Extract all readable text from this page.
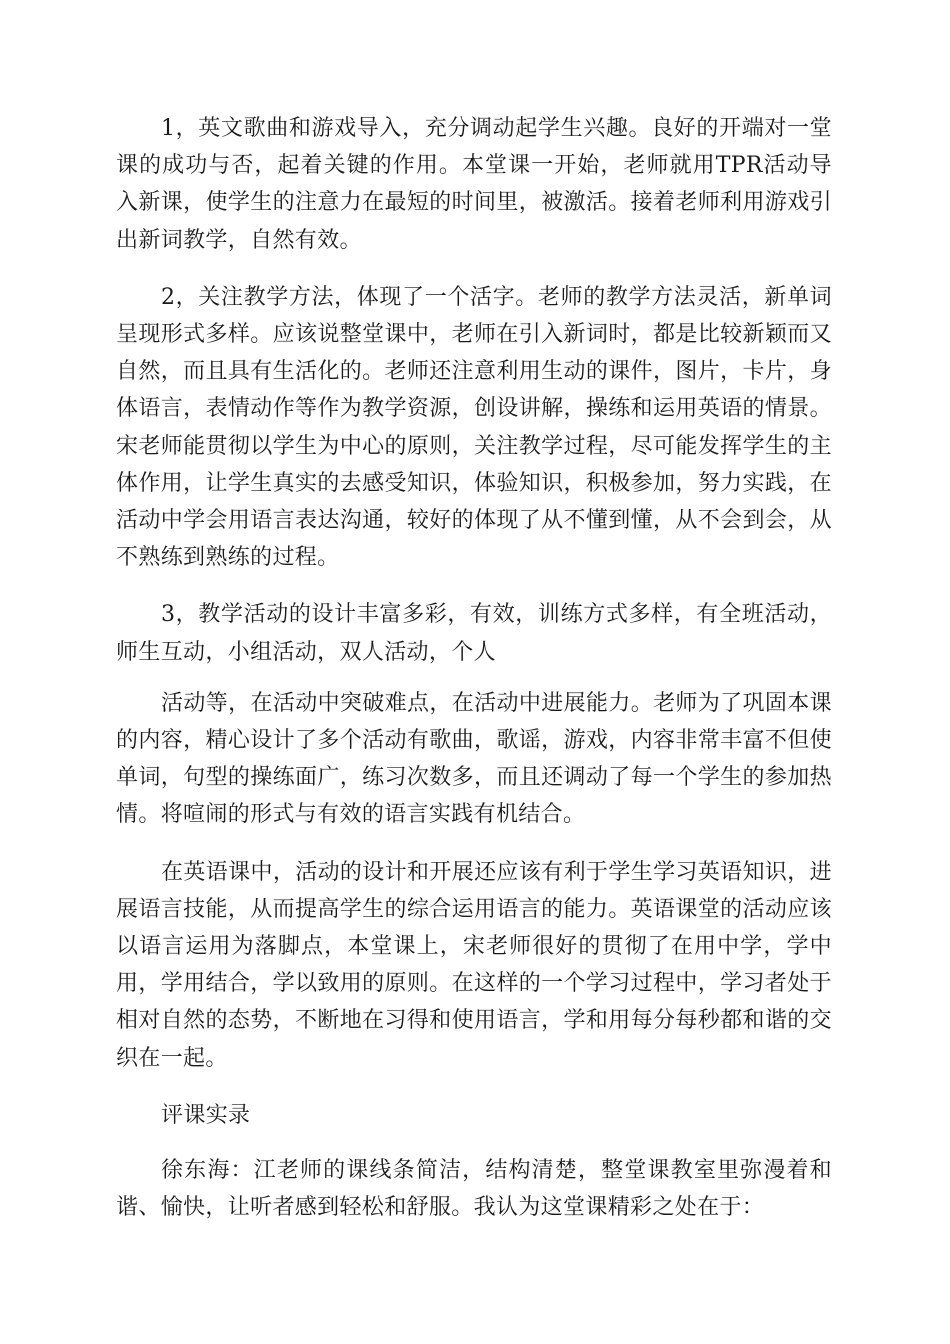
1，英文歌曲和游戏导入，充分调动起学生兴趣。良好的开端对一堂课的成功与否，起着关键的作用。本堂课一开始，老师就用TPR活动导入新课，使学生的注意力在最短的时间里，被激活。接着老师利用游戏引出新词教学，自然有效。

2，关注教学方法，体现了一个活字。老师的教学方法灵活，新单词呈现形式多样。应该说整堂课中，老师在引入新词时，都是比较新颖而又自然，而且具有生活化的。老师还注意利用生动的课件，图片，卡片，身体语言，表情动作等作为教学资源，创设讲解，操练和运用英语的情景。宋老师能贯彻以学生为中心的原则，关注教学过程，尽可能发挥学生的主体作用，让学生真实的去感受知识，体验知识，积极参加，努力实践，在活动中学会用语言表达沟通，较好的体现了从不懂到懂，从不会到会，从不熟练到熟练的过程。

3，教学活动的设计丰富多彩，有效，训练方式多样，有全班活动，师生互动，小组活动，双人活动，个人

活动等，在活动中突破难点，在活动中进展能力。老师为了巩固本课的内容，精心设计了多个活动有歌曲，歌谣，游戏，内容非常丰富不但使单词，句型的操练面广，练习次数多，而且还调动了每一个学生的参加热情。将喧闹的形式与有效的语言实践有机结合。

在英语课中，活动的设计和开展还应该有利于学生学习英语知识，进展语言技能，从而提高学生的综合运用语言的能力。英语课堂的活动应该以语言运用为落脚点，本堂课上，宋老师很好的贯彻了在用中学，学中用，学用结合，学以致用的原则。在这样的一个学习过程中，学习者处于相对自然的态势，不断地在习得和使用语言，学和用每分每秒都和谐的交织在一起。

评课实录

徐东海：江老师的课线条简洁，结构清楚，整堂课教室里弥漫着和谐、愉快，让听者感到轻松和舒服。我认为这堂课精彩之处在于：
